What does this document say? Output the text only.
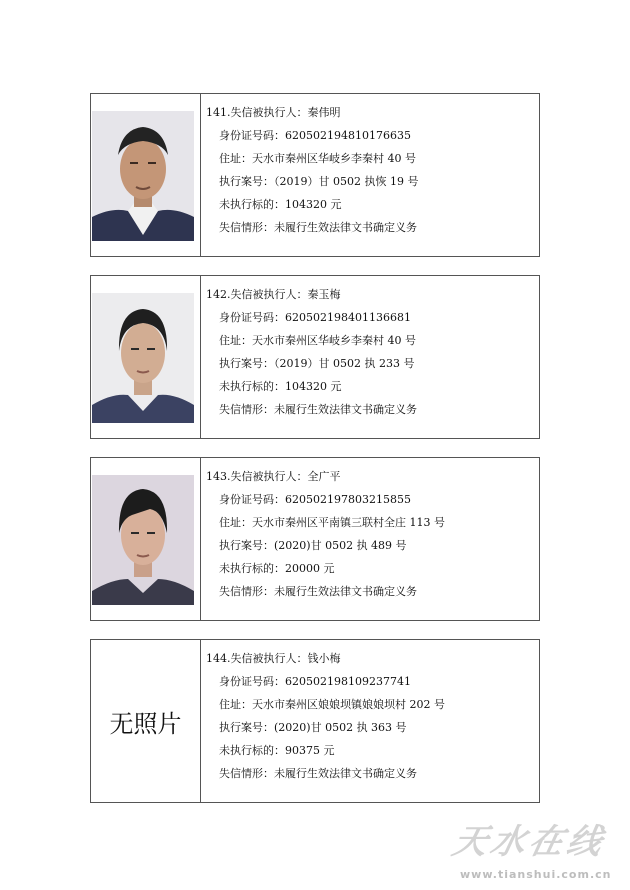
141.失信被执行人：秦伟明
身份证号码：620502194810176635
住址：天水市秦州区华岐乡李秦村 40 号
执行案号：（2019）甘 0502 执恢 19 号
未执行标的：104320 元
失信情形：未履行生效法律文书确定义务
142.失信被执行人：秦玉梅
身份证号码：620502198401136681
住址：天水市秦州区华岐乡李秦村 40 号
执行案号：（2019）甘 0502 执 233 号
未执行标的：104320 元
失信情形：未履行生效法律文书确定义务
143.失信被执行人：全广平
身份证号码：620502197803215855
住址：天水市秦州区平南镇三联村全庄 113 号
执行案号：(2020)甘 0502 执 489 号
未执行标的：20000 元
失信情形：未履行生效法律文书确定义务
无照片
144.失信被执行人：钱小梅
身份证号码：620502198109237741
住址：天水市秦州区娘娘坝镇娘娘坝村 202 号
执行案号：(2020)甘 0502 执 363 号
未执行标的：90375 元
失信情形：未履行生效法律文书确定义务
天水在线
www.tianshui.com.cn
